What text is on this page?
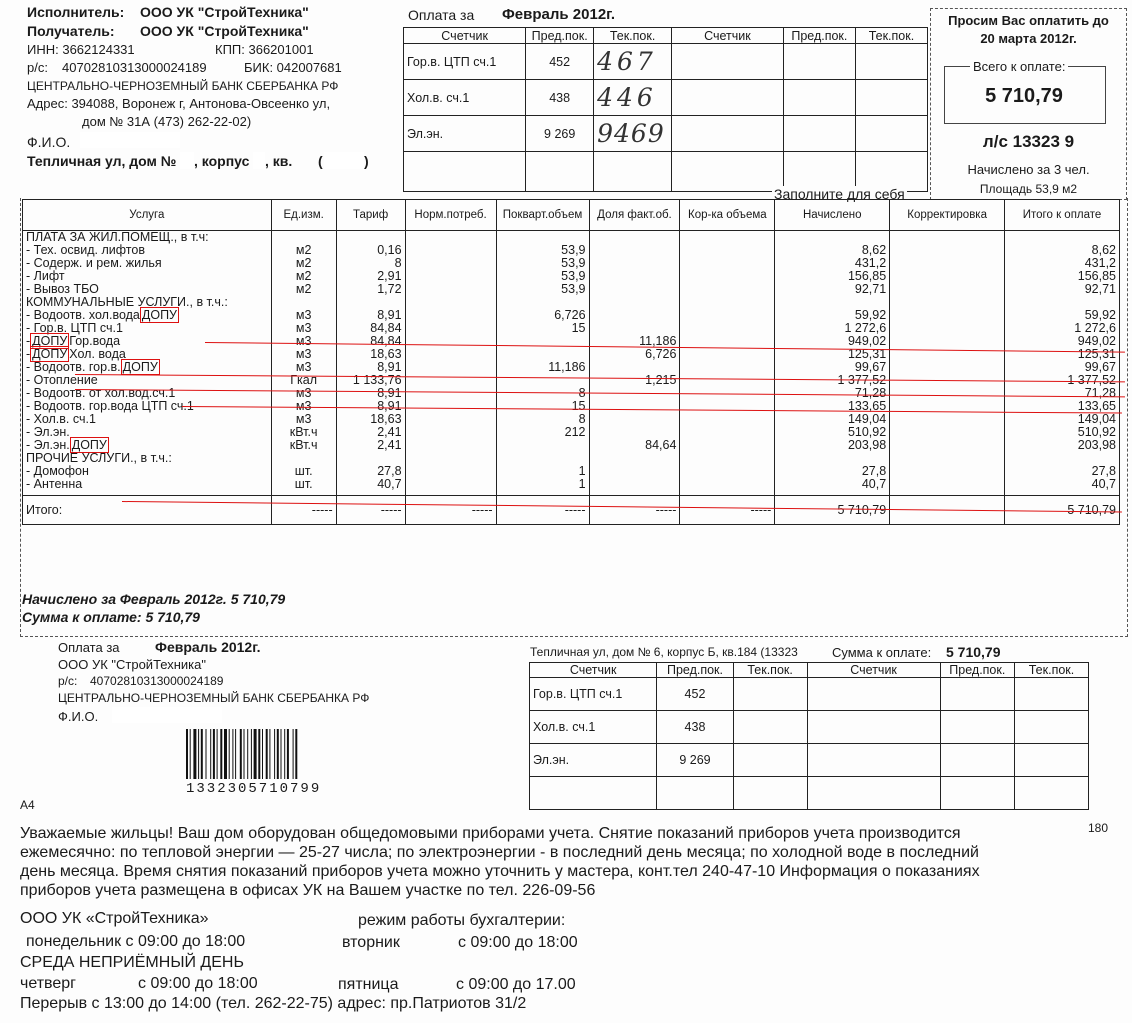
Исполнитель: ООО УК "СтройТехника"
Получатель: ООО УК "СтройТехника"
ИНН: 3662124331	КПП: 366201001
р/с: 40702810313000024189	БИК: 042007681
ЦЕНТРАЛЬНО-ЧЕРНОЗЕМНЫЙ БАНК СБЕРБАНКА РФ
Адрес: 394088, Воронеж г, Антонова-Овсеенко ул,
дом № 31А (473) 262-22-02)
Ф.И.О.
Тепличная ул, дом № , корпус , кв. (	)
Оплата за Февраль 2012г.
Счетчик	Пред.пок.	Тек.пок.	Счетчик	Пред.пок.	Тек.пок.
Гор.в. ЦТП сч.1	452	467			
Хол.в. сч.1	438	446			
Эл.эн.	9 269	9469			

Заполните для себя
Просим Вас оплатить до
20 марта 2012г.
Всего к оплате:
5 710,79
л/с 13323 9
Начислено за 3 чел.
Площадь 53,9 м2
Услуга	Ед.изм.	Тариф	Норм.потреб.	Покварт.объем	Доля факт.об.	Кор-ка объема	Начислено	Корректировка	Итого к оплате
ПЛАТА ЗА ЖИЛ.ПОМЕЩ., в т.ч:									
- Тех. освид. лифтов	м2	0,16		53,9			8,62		8,62
- Содерж. и рем. жилья	м2	8		53,9			431,2		431,2
- Лифт	м2	2,91		53,9			156,85		156,85
- Вывоз ТБО	м2	1,72		53,9			92,71		92,71
КОММУНАЛЬНЫЕ УСЛУГИ., в т.ч.:									
- Водоотв. хол.вода ДОПУ	м3	8,91		6,726			59,92		59,92
- Гор.в. ЦТП сч.1	м3	84,84		15			1 272,6		1 272,6
- ДОПУ Гор.вода	м3	84,84			11,186		949,02		949,02
- ДОПУ Хол. вода	м3	18,63			6,726		125,31		125,31
- Водоотв. гор.в. ДОПУ	м3	8,91		11,186			99,67		99,67
- Отопление	Гкал	1 133,76			1,215		1 377,52		1 377,52
- Водоотв. от хол.вод.сч.1	м3	8,91		8			71,28		71,28
- Водоотв. гор.вода ЦТП сч.1	м3	8,91		15			133,65		133,65
- Хол.в. сч.1	м3	18,63		8			149,04		149,04
- Эл.эн.	кВт.ч	2,41		212			510,92		510,92
- Эл.эн. ДОПУ	кВт.ч	2,41			84,64		203,98		203,98
ПРОЧИЕ УСЛУГИ., в т.ч.:									
- Домофон	шт.	27,8		1			27,8		27,8
- Антенна	шт.	40,7		1			40,7		40,7
Итого:	-----	-----	-----	-----	-----	-----	5 710,79		5 710,79
Начислено за Февраль 2012г. 5 710,79
Сумма к оплате: 5 710,79
Оплата за	Февраль 2012г.
ООО УК "СтройТехника"
р/с: 40702810313000024189
ЦЕНТРАЛЬНО-ЧЕРНОЗЕМНЫЙ БАНК СБЕРБАНКА РФ
Ф.И.О.
1332305710799
Тепличная ул, дом № 6, корпус Б, кв.184 (13323	Сумма к оплате: 5 710,79
Счетчик	Пред.пок.	Тек.пок.	Счетчик	Пред.пок.	Тек.пок.
Гор.в. ЦТП сч.1	452				
Хол.в. сч.1	438				
Эл.эн.	9 269				

A4
180
Уважаемые жильцы! Ваш дом оборудован общедомовыми приборами учета. Снятие показаний приборов учета производится
ежемесячно: по тепловой энергии — 25-27 числа; по электроэнергии - в последний день месяца; по холодной воде в последний
день месяца. Время снятия показаний приборов учета можно уточнить у мастера, конт.тел 240-47-10 Информация о показаниях
приборов учета размещена в офисах УК на Вашем участке по тел. 226-09-56
ООО УК «СтройТехника»	режим работы бухгалтерии:
понедельник с 09:00 до 18:00	вторник	с 09:00 до 18:00
СРЕДА НЕПРИЁМНЫЙ ДЕНЬ
четверг	с 09:00 до 18:00	пятница	с 09:00 до 17.00
Перерыв с 13:00 до 14:00 (тел. 262-22-75) адрес: пр.Патриотов 31/2
